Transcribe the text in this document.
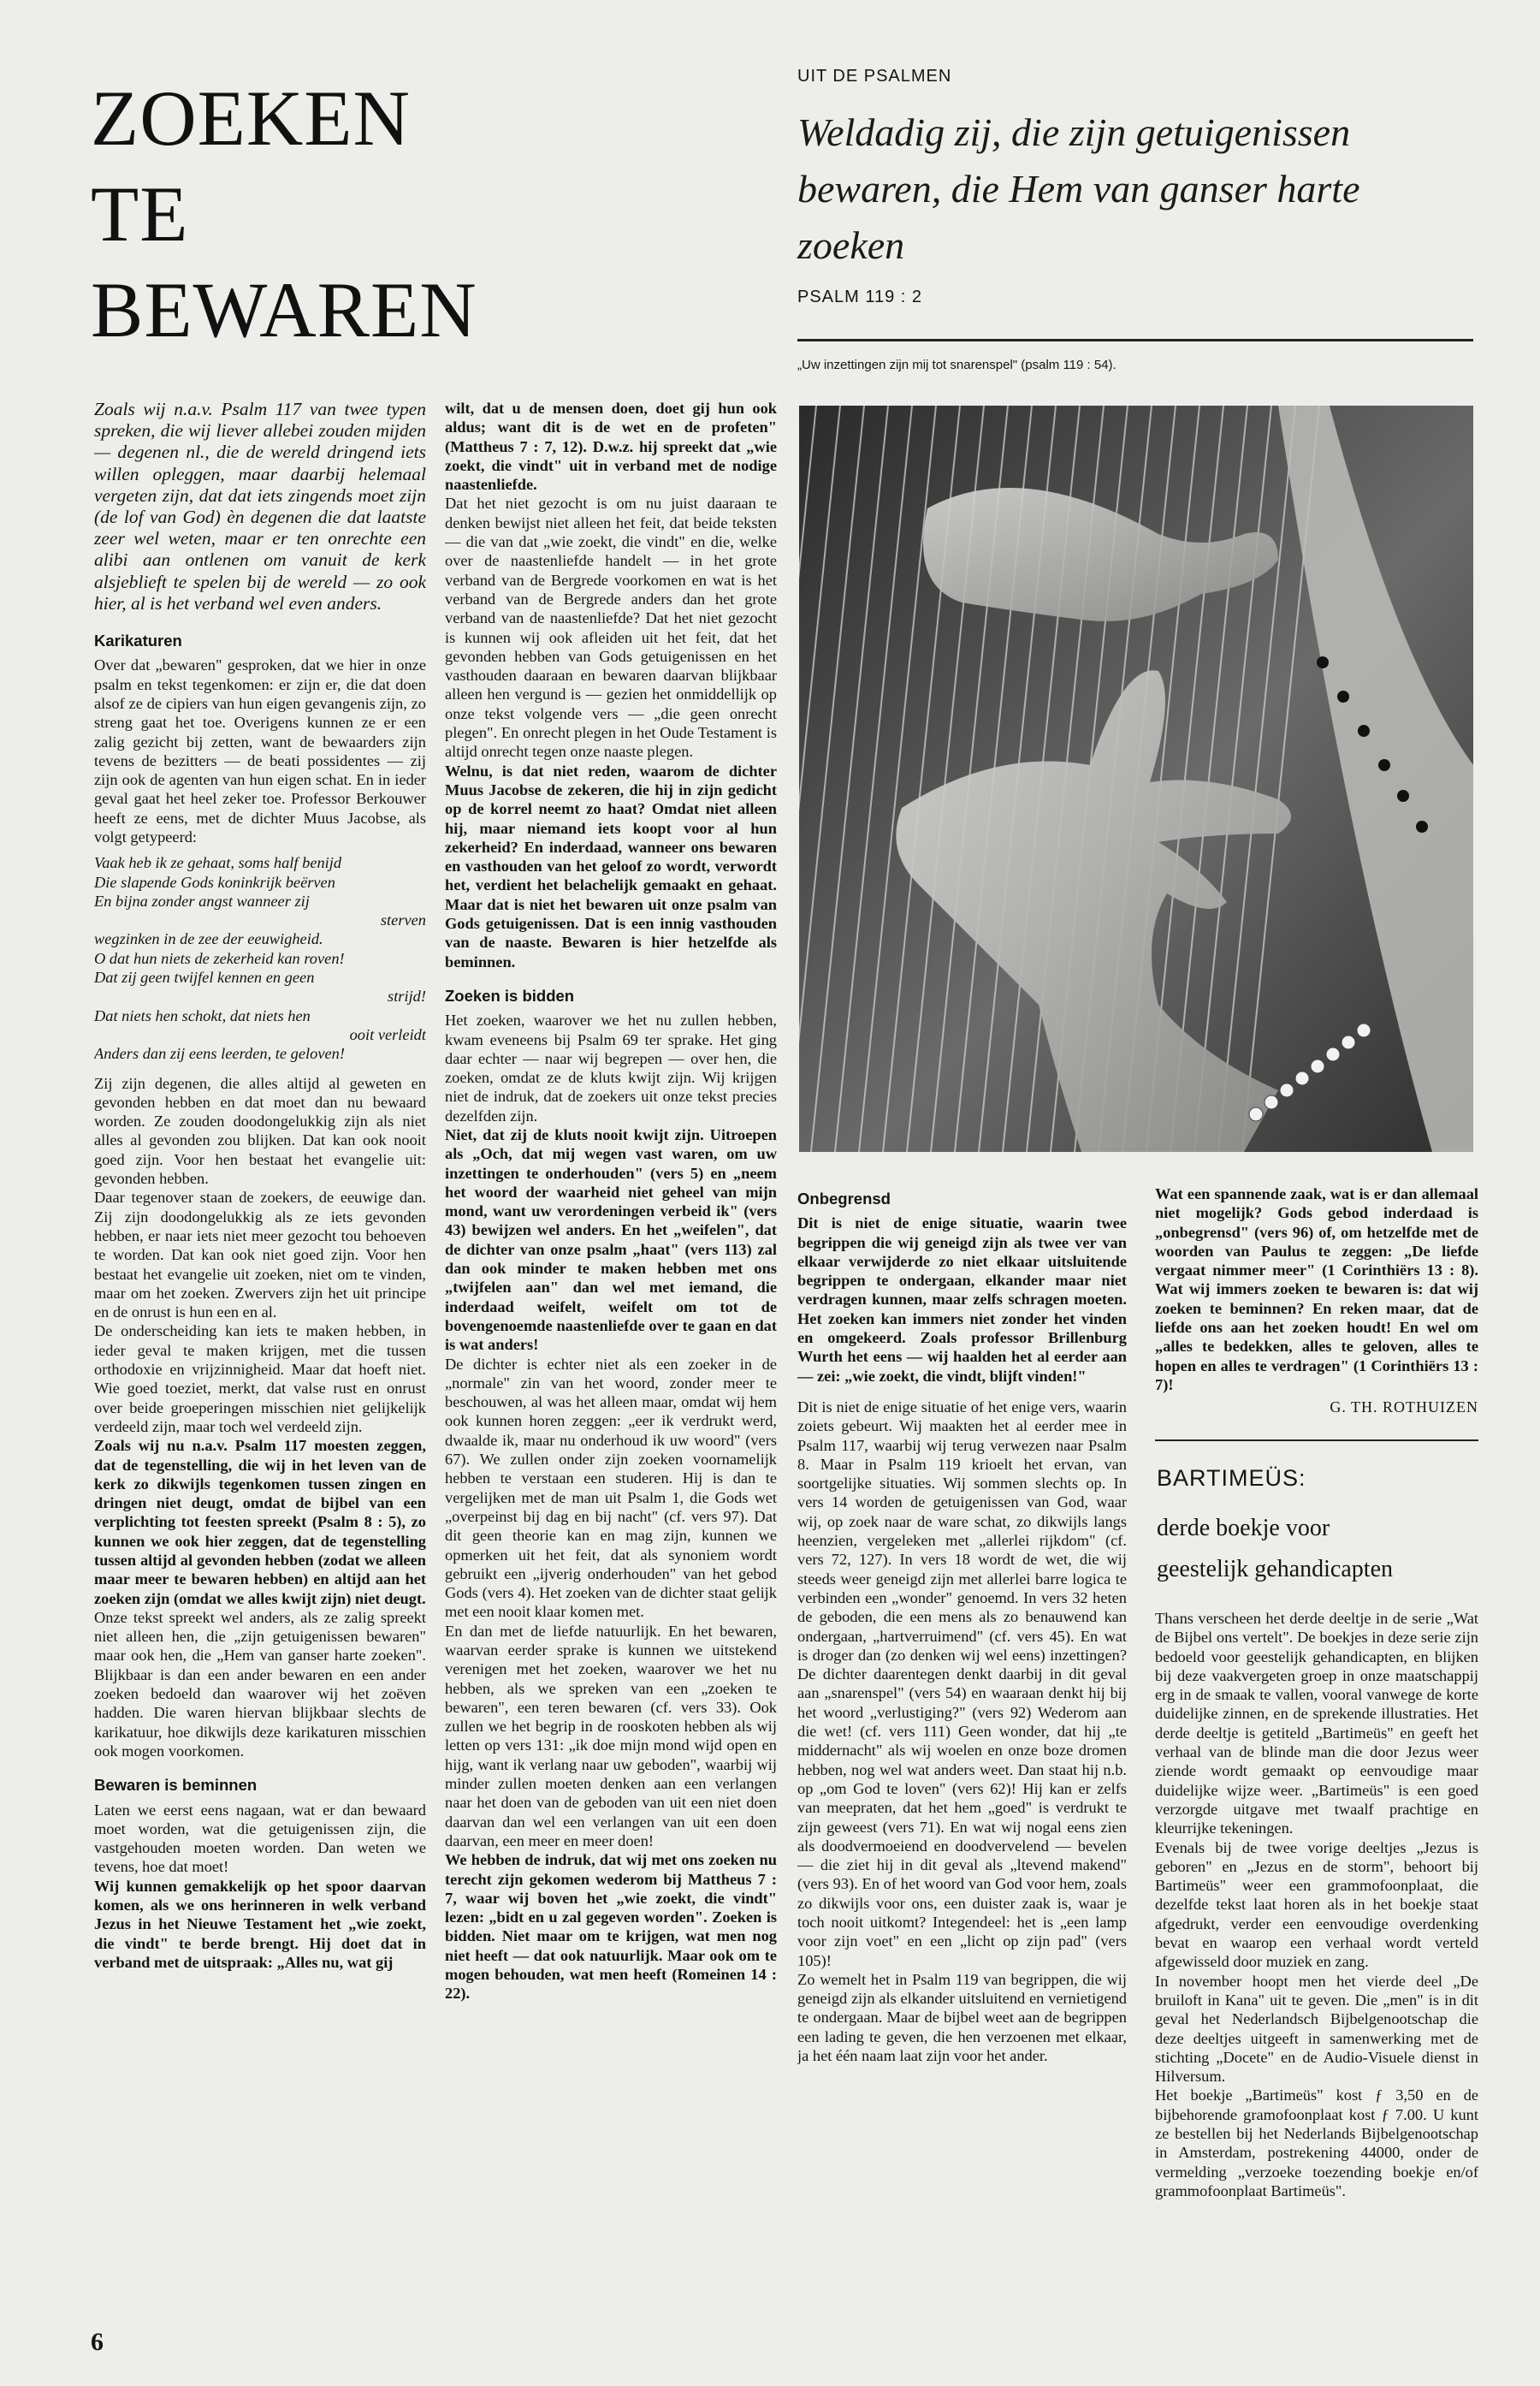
ZOEKEN
TE
BEWAREN
UIT DE PSALMEN
Weldadig zij, die zijn getuigenissen bewaren, die Hem van ganser harte zoeken
PSALM 119 : 2
„Uw inzettingen zijn mij tot snarenspel" (psalm 119 : 54).

Zoals wij n.a.v. Psalm 117 van twee typen spreken, die wij liever allebei zouden mijden — degenen nl., die de wereld dringend iets willen opleggen, maar daarbij helemaal vergeten zijn, dat dat iets zingends moet zijn (de lof van God) èn degenen die dat laatste zeer wel weten, maar er ten onrechte een alibi aan ontlenen om vanuit de kerk alsjeblieft te spelen bij de wereld — zo ook hier, al is het verband wel even anders.

Karikaturen

Over dat „bewaren" gesproken, dat we hier in onze psalm en tekst tegenkomen: er zijn er, die dat doen alsof ze de cipiers van hun eigen gevangenis zijn, zo streng gaat het toe. Overigens kunnen ze er een zalig gezicht bij zetten, want de bewaarders zijn tevens de bezitters — de beati possidentes — zij zijn ook de agenten van hun eigen schat. En in ieder geval gaat het heel zeker toe. Professor Berkouwer heeft ze eens, met de dichter Muus Jacobse, als volgt getypeerd:

Vaak heb ik ze gehaat, soms half benijd
Die slapende Gods koninkrijk beërven
En bijna zonder angst wanneer zij
sterven
wegzinken in de zee der eeuwigheid.
O dat hun niets de zekerheid kan roven!
Dat zij geen twijfel kennen en geen
strijd!
Dat niets hen schokt, dat niets hen
ooit verleidt
Anders dan zij eens leerden, te geloven!

Zij zijn degenen, die alles altijd al geweten en gevonden hebben en dat moet dan nu bewaard worden. Ze zouden doodongelukkig zijn als niet alles al gevonden zou blijken. Dat kan ook nooit goed zijn. Voor hen bestaat het evangelie uit: gevonden hebben.

Daar tegenover staan de zoekers, de eeuwige dan. Zij zijn doodongelukkig als ze iets gevonden hebben, er naar iets niet meer gezocht tou behoeven te worden. Dat kan ook niet goed zijn. Voor hen bestaat het evangelie uit zoeken, niet om te vinden, maar om het zoeken. Zwervers zijn het uit principe en de onrust is hun een en al.

De onderscheiding kan iets te maken hebben, in ieder geval te maken krijgen, met die tussen orthodoxie en vrijzinnigheid. Maar dat hoeft niet. Wie goed toeziet, merkt, dat valse rust en onrust over beide groeperingen misschien niet gelijkelijk verdeeld zijn, maar toch wel verdeeld zijn.

Zoals wij nu n.a.v. Psalm 117 moesten zeggen, dat de tegenstelling, die wij in het leven van de kerk zo dikwijls tegenkomen tussen zingen en dringen niet deugt, omdat de bijbel van een verplichting tot feesten spreekt (Psalm 8 : 5), zo kunnen we ook hier zeggen, dat de tegenstelling tussen altijd al gevonden hebben (zodat we alleen maar meer te bewaren hebben) en altijd aan het zoeken zijn (omdat we alles kwijt zijn) niet deugt.

Onze tekst spreekt wel anders, als ze zalig spreekt niet alleen hen, die „zijn getuigenissen bewaren" maar ook hen, die „Hem van ganser harte zoeken". Blijkbaar is dan een ander bewaren en een ander zoeken bedoeld dan waarover wij het zoëven hadden. Die waren hiervan blijkbaar slechts de karikatuur, hoe dikwijls deze karikaturen misschien ook mogen voorkomen.

Bewaren is beminnen

Laten we eerst eens nagaan, wat er dan bewaard moet worden, wat die getuigenissen zijn, die vastgehouden moeten worden. Dan weten we tevens, hoe dat moet!

Wij kunnen gemakkelijk op het spoor daarvan komen, als we ons herinneren in welk verband Jezus in het Nieuwe Testament het „wie zoekt, die vindt" te berde brengt. Hij doet dat in verband met de uitspraak: „Alles nu, wat gij

wilt, dat u de mensen doen, doet gij hun ook aldus; want dit is de wet en de profeten" (Mattheus 7 : 7, 12). D.w.z. hij spreekt dat „wie zoekt, die vindt" uit in verband met de nodige naastenliefde.

Dat het niet gezocht is om nu juist daaraan te denken bewijst niet alleen het feit, dat beide teksten — die van dat „wie zoekt, die vindt" en die, welke over de naastenliefde handelt — in het grote verband van de Bergrede voorkomen en wat is het verband van de Bergrede anders dan het grote verband van de naastenliefde? Dat het niet gezocht is kunnen wij ook afleiden uit het feit, dat het gevonden hebben van Gods getuigenissen en het vasthouden daaraan en bewaren daarvan blijkbaar alleen hen vergund is — gezien het onmiddellijk op onze tekst volgende vers — „die geen onrecht plegen". En onrecht plegen in het Oude Testament is altijd onrecht tegen onze naaste plegen.

Welnu, is dat niet reden, waarom de dichter Muus Jacobse de zekeren, die hij in zijn gedicht op de korrel neemt zo haat? Omdat niet alleen hij, maar niemand iets koopt voor al hun zekerheid? En inderdaad, wanneer ons bewaren en vasthouden van het geloof zo wordt, verwordt het, verdient het belachelijk gemaakt en gehaat. Maar dat is niet het bewaren uit onze psalm van Gods getuigenissen. Dat is een innig vasthouden van de naaste. Bewaren is hier hetzelfde als beminnen.

Zoeken is bidden

Het zoeken, waarover we het nu zullen hebben, kwam eveneens bij Psalm 69 ter sprake. Het ging daar echter — naar wij begrepen — over hen, die zoeken, omdat ze de kluts kwijt zijn. Wij krijgen niet de indruk, dat de zoekers uit onze tekst precies dezelfden zijn.

Niet, dat zij de kluts nooit kwijt zijn. Uitroepen als „Och, dat mij wegen vast waren, om uw inzettingen te onderhouden" (vers 5) en „neem het woord der waarheid niet geheel van mijn mond, want uw verordeningen verbeid ik" (vers 43) bewijzen wel anders. En het „weifelen", dat de dichter van onze psalm „haat" (vers 113) zal dan ook minder te maken hebben met ons „twijfelen aan" dan wel met iemand, die inderdaad weifelt, weifelt om tot de bovengenoemde naastenliefde over te gaan en dat is wat anders!

De dichter is echter niet als een zoeker in de „normale" zin van het woord, zonder meer te beschouwen, al was het alleen maar, omdat wij hem ook kunnen horen zeggen: „eer ik verdrukt werd, dwaalde ik, maar nu onderhoud ik uw woord" (vers 67). We zullen onder zijn zoeken voornamelijk hebben te verstaan een studeren. Hij is dan te vergelijken met de man uit Psalm 1, die Gods wet „overpeinst bij dag en bij nacht" (cf. vers 97). Dat dit geen theorie kan en mag zijn, kunnen we opmerken uit het feit, dat als synoniem wordt gebruikt een „ijverig onderhouden" van het gebod Gods (vers 4). Het zoeken van de dichter staat gelijk met een nooit klaar komen met.

En dan met de liefde natuurlijk. En het bewaren, waarvan eerder sprake is kunnen we uitstekend verenigen met het zoeken, waarover we het nu hebben, als we spreken van een „zoeken te bewaren", een teren bewaren (cf. vers 33). Ook zullen we het begrip in de rooskoten hebben als wij letten op vers 131: „ik doe mijn mond wijd open en hijg, want ik verlang naar uw geboden", waarbij wij minder zullen moeten denken aan een verlangen naar het doen van de geboden van uit een niet doen daarvan dan wel een verlangen van uit een doen daarvan, een meer en meer doen!

We hebben de indruk, dat wij met ons zoeken nu terecht zijn gekomen wederom bij Mattheus 7 : 7, waar wij boven het „wie zoekt, die vindt" lezen: „bidt en u zal gegeven worden". Zoeken is bidden. Niet maar om te krijgen, wat men nog niet heeft — dat ook natuurlijk. Maar ook om te mogen behouden, wat men heeft (Romeinen 14 : 22).

Onbegrensd

Dit is niet de enige situatie, waarin twee begrippen die wij geneigd zijn als twee ver van elkaar verwijderde zo niet elkaar uitsluitende begrippen te ondergaan, elkander maar niet verdragen kunnen, maar zelfs schragen moeten. Het zoeken kan immers niet zonder het vinden en omgekeerd. Zoals professor Brillenburg Wurth het eens — wij haalden het al eerder aan — zei: „wie zoekt, die vindt, blijft vinden!"

Dit is niet de enige situatie of het enige vers, waarin zoiets gebeurt. Wij maakten het al eerder mee in Psalm 117, waarbij wij terug verwezen naar Psalm 8. Maar in Psalm 119 krioelt het ervan, van soortgelijke situaties. Wij sommen slechts op. In vers 14 worden de getuigenissen van God, waar wij, op zoek naar de ware schat, zo dikwijls langs heenzien, vergeleken met „allerlei rijkdom" (cf. vers 72, 127). In vers 18 wordt de wet, die wij steeds weer geneigd zijn met allerlei barre logica te verbinden een „wonder" genoemd. In vers 32 heten de geboden, die een mens als zo benauwend kan ondergaan, „hartverruimend" (cf. vers 45). En wat is droger dan (zo denken wij wel eens) inzettingen? De dichter daarentegen denkt daarbij in dit geval aan „snarenspel" (vers 54) en waaraan denkt hij bij het woord „verlustiging?" (vers 92) Wederom aan die wet! (cf. vers 111) Geen wonder, dat hij „te middernacht" als wij woelen en onze boze dromen hebben, nog wel wat anders weet. Dan staat hij n.b. op „om God te loven" (vers 62)! Hij kan er zelfs van meepraten, dat het hem „goed" is verdrukt te zijn geweest (vers 71). En wat wij nogal eens zien als doodvermoeiend en doodvervelend — bevelen — die ziet hij in dit geval als „ltevend makend" (vers 93). En of het woord van God voor hem, zoals zo dikwijls voor ons, een duister zaak is, waar je toch nooit uitkomt? Integendeel: het is „een lamp voor zijn voet" en een „licht op zijn pad" (vers 105)!

Zo wemelt het in Psalm 119 van begrippen, die wij geneigd zijn als elkander uitsluitend en vernietigend te ondergaan. Maar de bijbel weet aan de begrippen een lading te geven, die hen verzoenen met elkaar, ja het één naam laat zijn voor het ander.

Wat een spannende zaak, wat is er dan allemaal niet mogelijk? Gods gebod inderdaad is „onbegrensd" (vers 96) of, om hetzelfde met de woorden van Paulus te zeggen: „De liefde vergaat nimmer meer" (1 Corinthiërs 13 : 8). Wat wij immers zoeken te bewaren is: dat wij zoeken te beminnen? En reken maar, dat de liefde ons aan het zoeken houdt! En wel om „alles te bedekken, alles te geloven, alles te hopen en alles te verdragen" (1 Corinthiërs 13 : 7)!

G. TH. ROTHUIZEN

BARTIMEÜS:
derde boekje voor
geestelijk gehandicapten

Thans verscheen het derde deeltje in de serie „Wat de Bijbel ons vertelt". De boekjes in deze serie zijn bedoeld voor geestelijk gehandicapten, en blijken bij deze vaakvergeten groep in onze maatschappij erg in de smaak te vallen, vooral vanwege de korte duidelijke zinnen, en de sprekende illustraties. Het derde deeltje is getiteld „Bartimeüs" en geeft het verhaal van de blinde man die door Jezus weer ziende wordt gemaakt op eenvoudige maar duidelijke wijze weer. „Bartimeüs" is een goed verzorgde uitgave met twaalf prachtige en kleurrijke tekeningen.

Evenals bij de twee vorige deeltjes „Jezus is geboren" en „Jezus en de storm", behoort bij Bartimeüs" weer een grammofoonplaat, die dezelfde tekst laat horen als in het boekje staat afgedrukt, verder een eenvoudige overdenking bevat en waarop een verhaal wordt verteld afgewisseld door muziek en zang.

In november hoopt men het vierde deel „De bruiloft in Kana" uit te geven. Die „men" is in dit geval het Nederlandsch Bijbelgenootschap die deze deeltjes uitgeeft in samenwerking met de stichting „Docete" en de Audio-Visuele dienst in Hilversum.

Het boekje „Bartimeüs" kost ƒ 3,50 en de bijbehorende gramofoonplaat kost ƒ 7.00. U kunt ze bestellen bij het Nederlands Bijbelgenootschap in Amsterdam, postrekening 44000, onder de vermelding „verzoeke toezending boekje en/of grammofoonplaat Bartimeüs".

6
